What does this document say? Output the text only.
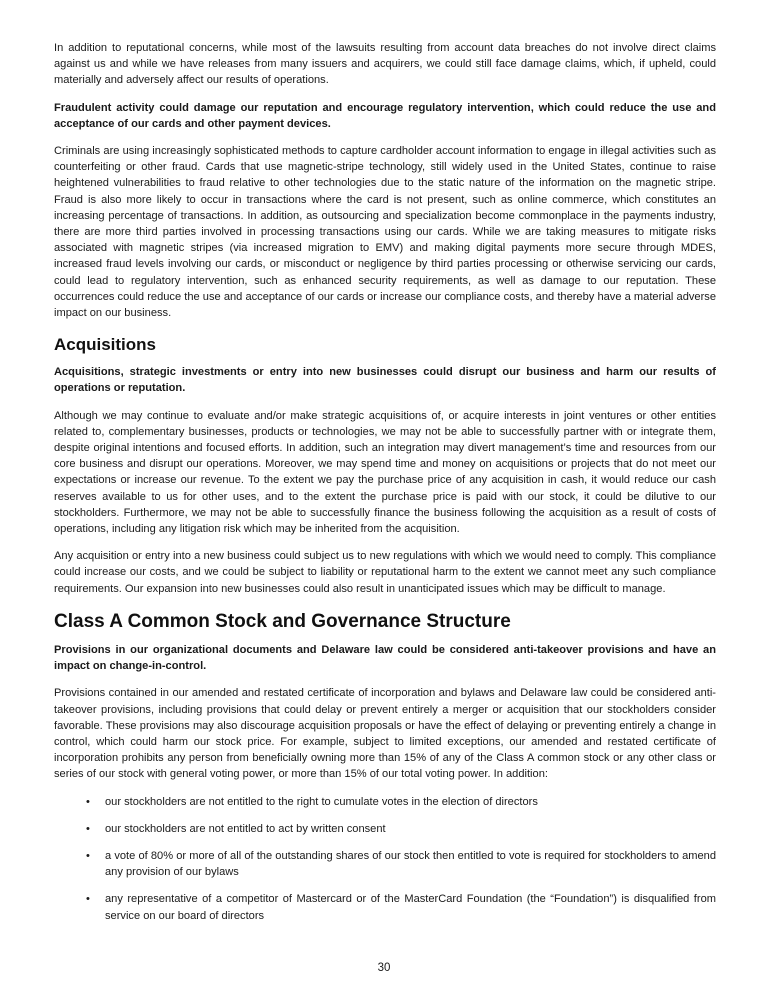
In addition to reputational concerns, while most of the lawsuits resulting from account data breaches do not involve direct claims against us and while we have releases from many issuers and acquirers, we could still face damage claims, which, if upheld, could materially and adversely affect our results of operations.

Fraudulent activity could damage our reputation and encourage regulatory intervention, which could reduce the use and acceptance of our cards and other payment devices.

Criminals are using increasingly sophisticated methods to capture cardholder account information to engage in illegal activities such as counterfeiting or other fraud. Cards that use magnetic-stripe technology, still widely used in the United States, continue to raise heightened vulnerabilities to fraud relative to other technologies due to the static nature of the information on the magnetic stripe. Fraud is also more likely to occur in transactions where the card is not present, such as online commerce, which constitutes an increasing percentage of transactions. In addition, as outsourcing and specialization become commonplace in the payments industry, there are more third parties involved in processing transactions using our cards. While we are taking measures to mitigate risks associated with magnetic stripes (via increased migration to EMV) and making digital payments more secure through MDES, increased fraud levels involving our cards, or misconduct or negligence by third parties processing or otherwise servicing our cards, could lead to regulatory intervention, such as enhanced security requirements, as well as damage to our reputation. These occurrences could reduce the use and acceptance of our cards or increase our compliance costs, and thereby have a material adverse impact on our business.

Acquisitions

Acquisitions, strategic investments or entry into new businesses could disrupt our business and harm our results of operations or reputation.

Although we may continue to evaluate and/or make strategic acquisitions of, or acquire interests in joint ventures or other entities related to, complementary businesses, products or technologies, we may not be able to successfully partner with or integrate them, despite original intentions and focused efforts. In addition, such an integration may divert management’s time and resources from our core business and disrupt our operations. Moreover, we may spend time and money on acquisitions or projects that do not meet our expectations or increase our revenue. To the extent we pay the purchase price of any acquisition in cash, it would reduce our cash reserves available to us for other uses, and to the extent the purchase price is paid with our stock, it could be dilutive to our stockholders. Furthermore, we may not be able to successfully finance the business following the acquisition as a result of costs of operations, including any litigation risk which may be inherited from the acquisition.

Any acquisition or entry into a new business could subject us to new regulations with which we would need to comply. This compliance could increase our costs, and we could be subject to liability or reputational harm to the extent we cannot meet any such compliance requirements. Our expansion into new businesses could also result in unanticipated issues which may be difficult to manage.

Class A Common Stock and Governance Structure

Provisions in our organizational documents and Delaware law could be considered anti-takeover provisions and have an impact on change-in-control.

Provisions contained in our amended and restated certificate of incorporation and bylaws and Delaware law could be considered anti-takeover provisions, including provisions that could delay or prevent entirely a merger or acquisition that our stockholders consider favorable. These provisions may also discourage acquisition proposals or have the effect of delaying or preventing entirely a change in control, which could harm our stock price. For example, subject to limited exceptions, our amended and restated certificate of incorporation prohibits any person from beneficially owning more than 15% of any of the Class A common stock or any other class or series of our stock with general voting power, or more than 15% of our total voting power. In addition:

• our stockholders are not entitled to the right to cumulate votes in the election of directors
• our stockholders are not entitled to act by written consent
• a vote of 80% or more of all of the outstanding shares of our stock then entitled to vote is required for stockholders to amend any provision of our bylaws
• any representative of a competitor of Mastercard or of the MasterCard Foundation (the “Foundation”) is disqualified from service on our board of directors
30
